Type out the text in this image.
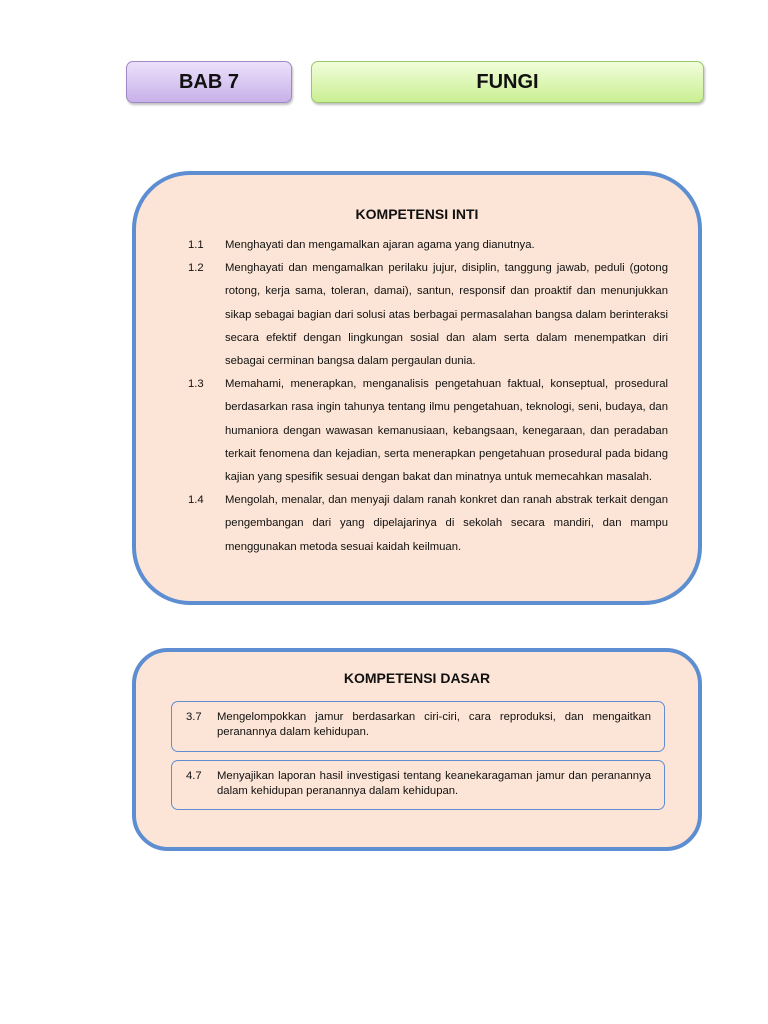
BAB 7	FUNGI
KOMPETENSI INTI
1.1	Menghayati dan mengamalkan ajaran agama yang dianutnya.
1.2	Menghayati dan mengamalkan perilaku jujur, disiplin, tanggung jawab, peduli (gotong rotong, kerja sama, toleran, damai), santun, responsif dan proaktif dan menunjukkan sikap sebagai bagian dari solusi atas berbagai permasalahan bangsa dalam berinteraksi secara efektif dengan lingkungan sosial dan alam serta dalam menempatkan diri sebagai cerminan bangsa dalam pergaulan dunia.
1.3	Memahami, menerapkan, menganalisis pengetahuan faktual, konseptual, prosedural berdasarkan rasa ingin tahunya tentang ilmu pengetahuan, teknologi, seni, budaya, dan humaniora dengan wawasan kemanusiaan, kebangsaan, kenegaraan, dan peradaban terkait fenomena dan kejadian, serta menerapkan pengetahuan prosedural pada bidang kajian yang spesifik sesuai dengan bakat dan minatnya untuk memecahkan masalah.
1.4	Mengolah, menalar, dan menyaji dalam ranah konkret dan ranah abstrak terkait dengan pengembangan dari yang dipelajarinya di sekolah secara mandiri, dan mampu menggunakan metoda sesuai kaidah keilmuan.
KOMPETENSI DASAR
3.7	Mengelompokkan jamur berdasarkan ciri-ciri, cara reproduksi, dan mengaitkan peranannya dalam kehidupan.
4.7	Menyajikan laporan hasil investigasi tentang keanekaragaman jamur dan peranannya dalam kehidupan peranannya dalam kehidupan.
